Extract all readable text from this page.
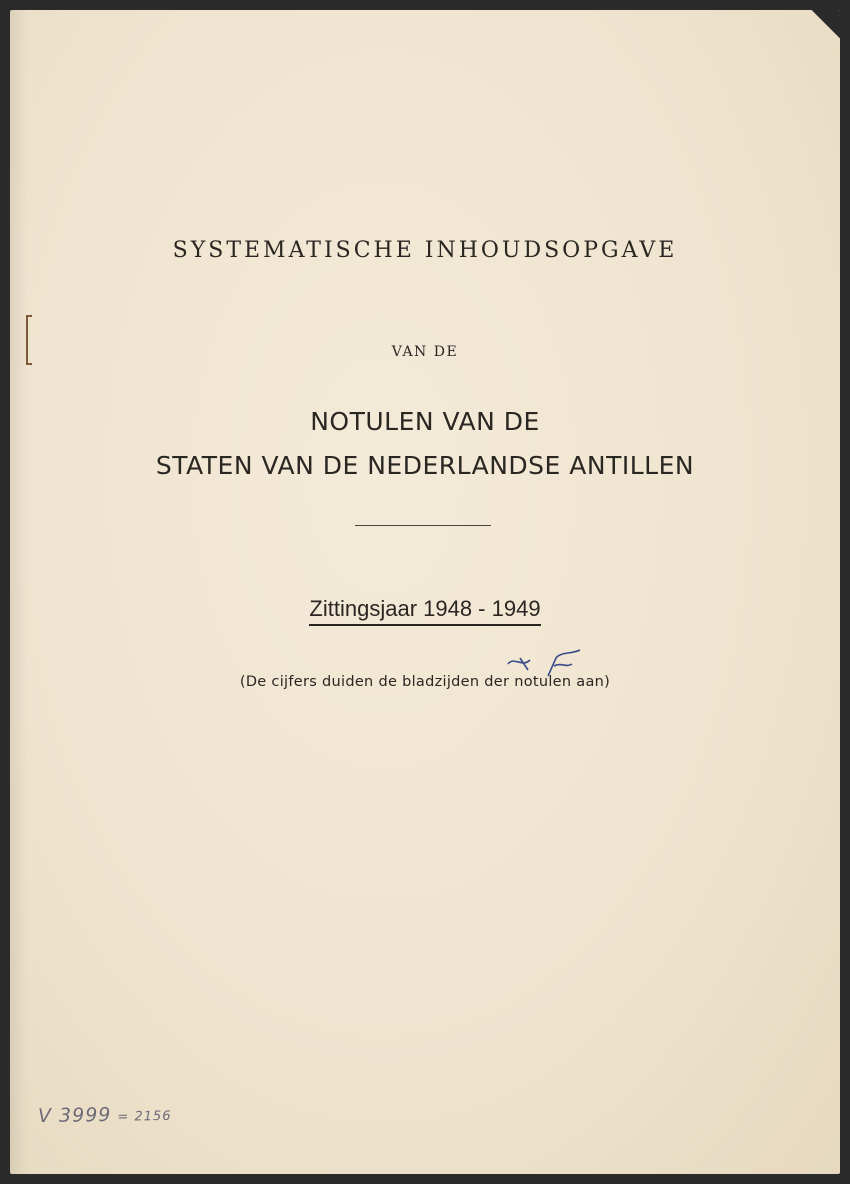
SYSTEMATISCHE INHOUDSOPGAVE
VAN DE
NOTULEN VAN DE
STATEN VAN DE NEDERLANDSE ANTILLEN
Zittingsjaar 1948 - 1949
(De cijfers duiden de bladzijden der notulen aan)
V 3999 = 2156
